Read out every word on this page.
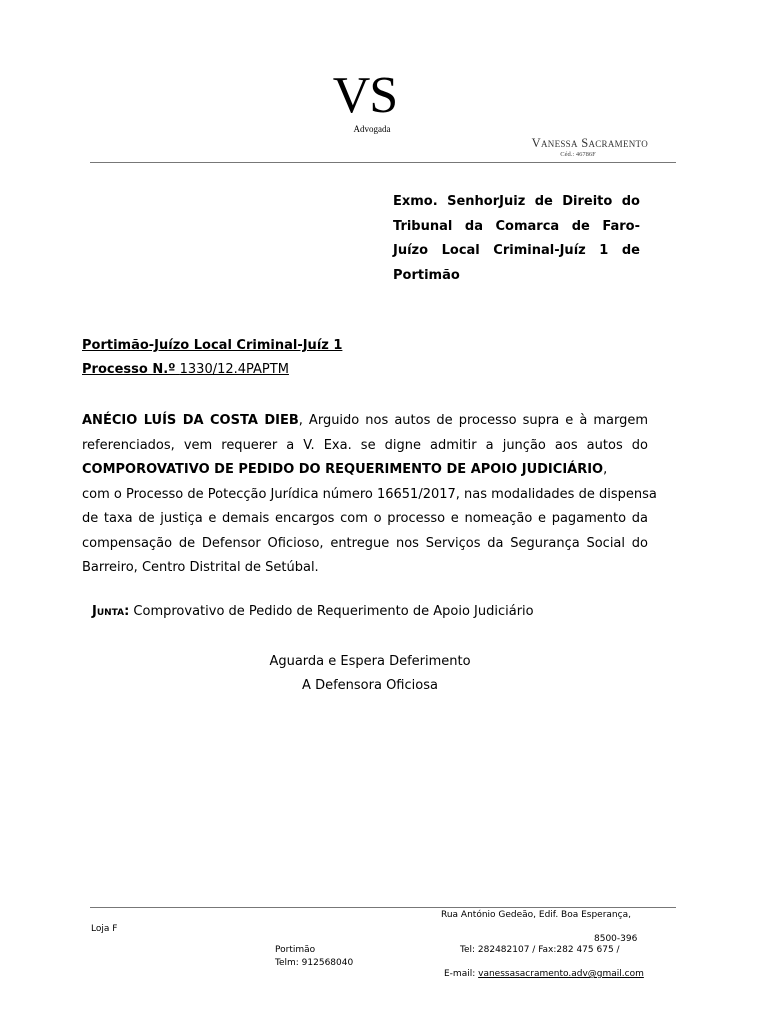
VS
Advogada
Vanessa Sacramento
Céd.: 46786F
Exmo. SenhorJuiz de Direito do
Tribunal da Comarca de Faro-
Juízo Local Criminal-Juíz 1 de
Portimão
Portimão-Juízo Local Criminal-Juíz 1
Processo N.º 1330/12.4PAPTM
ANÉCIO LUÍS DA COSTA DIEB, Arguido nos autos de processo supra e à margem
referenciados, vem requerer a V. Exa. se digne admitir a junção aos autos do
COMPOROVATIVO DE PEDIDO DO REQUERIMENTO DE APOIO JUDICIÁRIO,
com o Processo de Potecção Jurídica número 16651/2017, nas modalidades de dispensa
de taxa de justiça e demais encargos com o processo e nomeação e pagamento da
compensação de Defensor Oficioso, entregue nos Serviços da Segurança Social do
Barreiro, Centro Distrital de Setúbal.
Junta: Comprovativo de Pedido de Requerimento de Apoio Judiciário
Aguarda e Espera Deferimento
A Defensora Oficiosa
Rua António Gedeão, Edif. Boa Esperança,
Loja F
8500-396
Portimão	Tel: 282482107 / Fax:282 475 675 /
Telm: 912568040
E-mail: vanessasacramento.adv@gmail.com
